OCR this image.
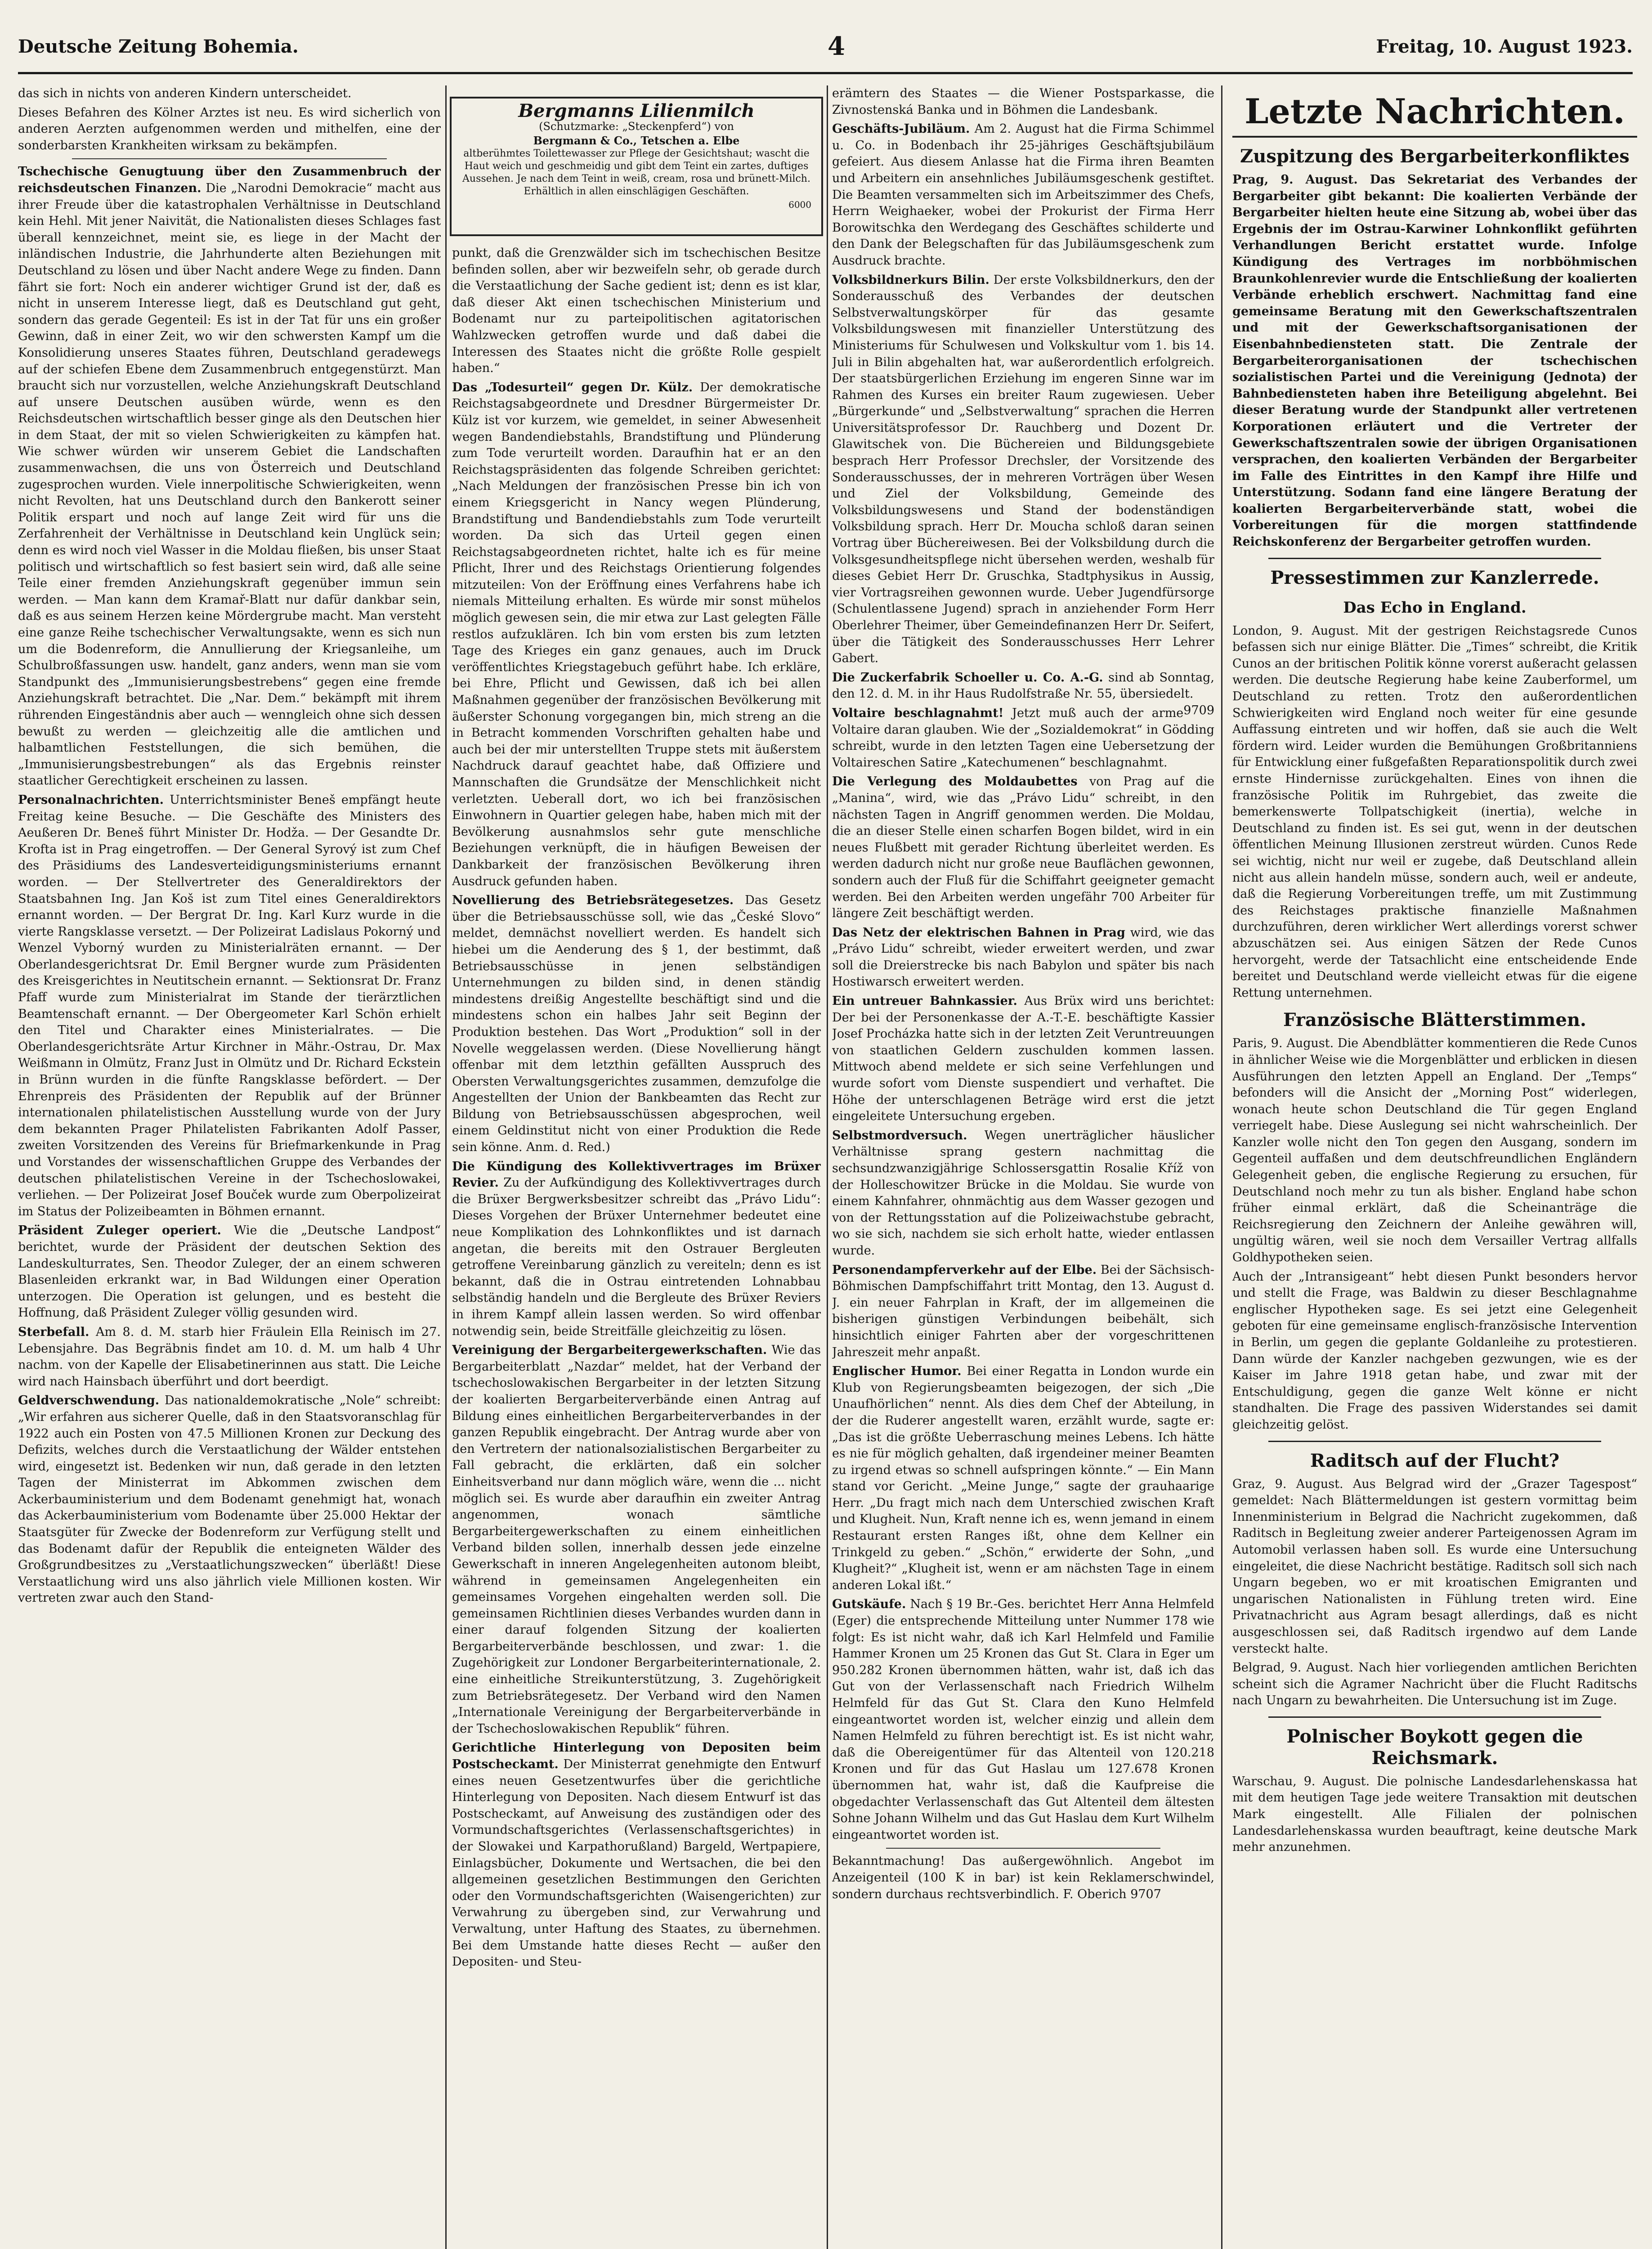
Deutsche Zeitung Bohemia.	4	Freitag, 10. August 1923.

das sich in nichts von anderen Kindern unterscheidet.

Dieses Befahren des Kölner Arztes ist neu. Es wird sicherlich von anderen Aerzten aufgenommen werden und mithelfen, eine der sonderbarsten Krankheiten wirksam zu bekämpfen.

Tschechische Genugtuung über den Zusammenbruch der reichsdeutschen Finanzen. Die „Narodni Demokracie“ macht aus ihrer Freude über die katastrophalen Verhältnisse in Deutschland kein Hehl. Mit jener Naivität, die Nationalisten dieses Schlages fast überall kennzeichnet, meint sie, es liege in der Macht der inländischen Industrie, die Jahrhunderte alten Beziehungen mit Deutschland zu lösen und über Nacht andere Wege zu finden. Dann fährt sie fort: Noch ein anderer wichtiger Grund ist der, daß es nicht in unserem Interesse liegt, daß es Deutschland gut geht, sondern das gerade Gegenteil: Es ist in der Tat für uns ein großer Gewinn, daß in einer Zeit, wo wir den schwersten Kampf um die Konsolidierung unseres Staates führen, Deutschland geradewegs auf der schiefen Ebene dem Zusammenbruch entgegenstürzt. Man braucht sich nur vorzustellen, welche Anziehungskraft Deutschland auf unsere Deutschen ausüben würde, wenn es den Reichsdeutschen wirtschaftlich besser ginge als den Deutschen hier in dem Staat, der mit so vielen Schwierigkeiten zu kämpfen hat. Wie schwer würden wir unserem Gebiet die Landschaften zusammenwachsen, die uns von Österreich und Deutschland zugesprochen wurden. Viele innerpolitische Schwierigkeiten, wenn nicht Revolten, hat uns Deutschland durch den Bankerott seiner Politik erspart und noch auf lange Zeit wird für uns die Zerfahrenheit der Verhältnisse in Deutschland kein Unglück sein; denn es wird noch viel Wasser in die Moldau fließen, bis unser Staat politisch und wirtschaftlich so fest basiert sein wird, daß alle seine Teile einer fremden Anziehungskraft gegenüber immun sein werden. — Man kann dem Kramař-Blatt nur dafür dankbar sein, daß es aus seinem Herzen keine Mördergrube macht. Man versteht eine ganze Reihe tschechischer Verwaltungsakte, wenn es sich nun um die Bodenreform, die Annullierung der Kriegsanleihe, um Schulbroßfassungen usw. handelt, ganz anders, wenn man sie vom Standpunkt des „Immunisierungsbestrebens“ gegen eine fremde Anziehungskraft betrachtet. Die „Nar. Dem.“ bekämpft mit ihrem rührenden Eingeständnis aber auch — wenngleich ohne sich dessen bewußt zu werden — gleichzeitig alle die amtlichen und halbamtlichen Feststellungen, die sich bemühen, die „Immunisierungsbestrebungen“ als das Ergebnis reinster staatlicher Gerechtigkeit erscheinen zu lassen.

Personalnachrichten. Unterrichtsminister Beneš empfängt heute Freitag keine Besuche. — Die Geschäfte des Ministers des Aeußeren Dr. Beneš führt Minister Dr. Hodža. — Der Gesandte Dr. Krofta ist in Prag eingetroffen. — Der General Syrový ist zum Chef des Präsidiums des Landesverteidigungsministeriums ernannt worden. — Der Stellvertreter des Generaldirektors der Staatsbahnen Ing. Jan Koš ist zum Titel eines Generaldirektors ernannt worden. — Der Bergrat Dr. Ing. Karl Kurz wurde in die vierte Rangsklasse versetzt. — Der Polizeirat Ladislaus Pokorný und Wenzel Vyborný wurden zu Ministerialräten ernannt. — Der Oberlandesgerichtsrat Dr. Emil Bergner wurde zum Präsidenten des Kreisgerichtes in Neutitschein ernannt. — Sektionsrat Dr. Franz Pfaff wurde zum Ministerialrat im Stande der tierärztlichen Beamtenschaft ernannt. — Der Obergeometer Karl Schön erhielt den Titel und Charakter eines Ministerialrates. — Die Oberlandesgerichtsräte Artur Kirchner in Mähr.-Ostrau, Dr. Max Weißmann in Olmütz, Franz Just in Olmütz und Dr. Richard Eckstein in Brünn wurden in die fünfte Rangsklasse befördert. — Der Ehrenpreis des Präsidenten der Republik auf der Brünner internationalen philatelistischen Ausstellung wurde von der Jury dem bekannten Prager Philatelisten Fabrikanten Adolf Passer, zweiten Vorsitzenden des Vereins für Briefmarkenkunde in Prag und Vorstandes der wissenschaftlichen Gruppe des Verbandes der deutschen philatelistischen Vereine in der Tschechoslowakei, verliehen. — Der Polizeirat Josef Bouček wurde zum Oberpolizeirat im Status der Polizeibeamten in Böhmen ernannt.

Präsident Zuleger operiert. Wie die „Deutsche Landpost“ berichtet, wurde der Präsident der deutschen Sektion des Landeskulturrates, Sen. Theodor Zuleger, der an einem schweren Blasenleiden erkrankt war, in Bad Wildungen einer Operation unterzogen. Die Operation ist gelungen, und es besteht die Hoffnung, daß Präsident Zuleger völlig gesunden wird.

Sterbefall. Am 8. d. M. starb hier Fräulein Ella Reinisch im 27. Lebensjahre. Das Begräbnis findet am 10. d. M. um halb 4 Uhr nachm. von der Kapelle der Elisabetinerinnen aus statt. Die Leiche wird nach Hainsbach überführt und dort beerdigt.

Geldverschwendung. Das nationaldemokratische „Nole“ schreibt: „Wir erfahren aus sicherer Quelle, daß in den Staatsvoranschlag für 1922 auch ein Posten von 47.5 Millionen Kronen zur Deckung des Defizits, welches durch die Verstaatlichung der Wälder entstehen wird, eingesetzt ist. Bedenken wir nun, daß gerade in den letzten Tagen der Ministerrat im Abkommen zwischen dem Ackerbauministerium und dem Bodenamt genehmigt hat, wonach das Ackerbauministerium vom Bodenamte über 25.000 Hektar der Staatsgüter für Zwecke der Bodenreform zur Verfügung stellt und das Bodenamt dafür der Republik die enteigneten Wälder des Großgrundbesitzes zu „Verstaatlichungszwecken“ überläßt! Diese Verstaatlichung wird uns also jährlich viele Millionen kosten. Wir vertreten zwar auch den Stand-

Bergmanns Lilienmilch
(Schutzmarke: „Steckenpferd“) von
Bergmann & Co., Tetschen a. Elbe
altberühmtes Toilettewasser zur Pflege der Gesichtshaut; wascht die Haut weich und geschmeidig und gibt dem Teint ein zartes, duftiges Aussehen. Je nach dem Teint in weiß, cream, rosa und brünett-Milch. Erhältlich in allen einschlägigen Geschäften.
6000

punkt, daß die Grenzwälder sich im tschechischen Besitze befinden sollen, aber wir bezweifeln sehr, ob gerade durch die Verstaatlichung der Sache gedient ist; denn es ist klar, daß dieser Akt einen tschechischen Ministerium und Bodenamt nur zu parteipolitischen agitatorischen Wahlzwecken getroffen wurde und daß dabei die Interessen des Staates nicht die größte Rolle gespielt haben.“

Das „Todesurteil“ gegen Dr. Külz. Der demokratische Reichstagsabgeordnete und Dresdner Bürgermeister Dr. Külz ist vor kurzem, wie gemeldet, in seiner Abwesenheit wegen Bandendiebstahls, Brandstiftung und Plünderung zum Tode verurteilt worden. Daraufhin hat er an den Reichstagspräsidenten das folgende Schreiben gerichtet: „Nach Meldungen der französischen Presse bin ich von einem Kriegsgericht in Nancy wegen Plünderung, Brandstiftung und Bandendiebstahls zum Tode verurteilt worden. Da sich das Urteil gegen einen Reichstagsabgeordneten richtet, halte ich es für meine Pflicht, Ihrer und des Reichstags Orientierung folgendes mitzuteilen: Von der Eröffnung eines Verfahrens habe ich niemals Mitteilung erhalten. Es würde mir sonst mühelos möglich gewesen sein, die mir etwa zur Last gelegten Fälle restlos aufzuklären. Ich bin vom ersten bis zum letzten Tage des Krieges ein ganz genaues, auch im Druck veröffentlichtes Kriegstagebuch geführt habe. Ich erkläre, bei Ehre, Pflicht und Gewissen, daß ich bei allen Maßnahmen gegenüber der französischen Bevölkerung mit äußerster Schonung vorgegangen bin, mich streng an die in Betracht kommenden Vorschriften gehalten habe und auch bei der mir unterstellten Truppe stets mit äußerstem Nachdruck darauf geachtet habe, daß Offiziere und Mannschaften die Grundsätze der Menschlichkeit nicht verletzten. Ueberall dort, wo ich bei französischen Einwohnern in Quartier gelegen habe, haben mich mit der Bevölkerung ausnahmslos sehr gute menschliche Beziehungen verknüpft, die in häufigen Beweisen der Dankbarkeit der französischen Bevölkerung ihren Ausdruck gefunden haben.

Novellierung des Betriebsrätegesetzes. Das Gesetz über die Betriebsausschüsse soll, wie das „České Slovo“ meldet, demnächst novelliert werden. Es handelt sich hiebei um die Aenderung des § 1, der bestimmt, daß Betriebsausschüsse in jenen selbständigen Unternehmungen zu bilden sind, in denen ständig mindestens dreißig Angestellte beschäftigt sind und die mindestens schon ein halbes Jahr seit Beginn der Produktion bestehen. Das Wort „Produktion“ soll in der Novelle weggelassen werden. (Diese Novellierung hängt offenbar mit dem letzthin gefällten Ausspruch des Obersten Verwaltungsgerichtes zusammen, demzufolge die Angestellten der Union der Bankbeamten das Recht zur Bildung von Betriebsausschüssen abgesprochen, weil einem Geldinstitut nicht von einer Produktion die Rede sein könne. Anm. d. Red.)

Die Kündigung des Kollektivvertrages im Brüxer Revier. Zu der Aufkündigung des Kollektivvertrages durch die Brüxer Bergwerksbesitzer schreibt das „Právo Lidu“: Dieses Vorgehen der Brüxer Unternehmer bedeutet eine neue Komplikation des Lohnkonfliktes und ist darnach angetan, die bereits mit den Ostrauer Bergleuten getroffene Vereinbarung gänzlich zu vereiteln; denn es ist bekannt, daß die in Ostrau eintretenden Lohnabbau selbständig handeln und die Bergleute des Brüxer Reviers in ihrem Kampf allein lassen werden. So wird offenbar notwendig sein, beide Streitfälle gleichzeitig zu lösen.

Vereinigung der Bergarbeitergewerkschaften. Wie das Bergarbeiterblatt „Nazdar“ meldet, hat der Verband der tschechoslowakischen Bergarbeiter in der letzten Sitzung der koalierten Bergarbeiterverbände einen Antrag auf Bildung eines einheitlichen Bergarbeiterverbandes in der ganzen Republik eingebracht. Der Antrag wurde aber von den Vertretern der nationalsozialistischen Bergarbeiter zu Fall gebracht, die erklärten, daß ein solcher Einheitsverband nur dann möglich wäre, wenn die ... nicht möglich sei. Es wurde aber daraufhin ein zweiter Antrag angenommen, wonach sämtliche Bergarbeitergewerkschaften zu einem einheitlichen Verband bilden sollen, innerhalb dessen jede einzelne Gewerkschaft in inneren Angelegenheiten autonom bleibt, während in gemeinsamen Angelegenheiten ein gemeinsames Vorgehen eingehalten werden soll. Die gemeinsamen Richtlinien dieses Verbandes wurden dann in einer darauf folgenden Sitzung der koalierten Bergarbeiterverbände beschlossen, und zwar: 1. die Zugehörigkeit zur Londoner Bergarbeiterinternationale, 2. eine einheitliche Streikunterstützung, 3. Zugehörigkeit zum Betriebsrätegesetz. Der Verband wird den Namen „Internationale Vereinigung der Bergarbeiterverbände in der Tschechoslowakischen Republik“ führen.

Gerichtliche Hinterlegung von Depositen beim Postscheckamt. Der Ministerrat genehmigte den Entwurf eines neuen Gesetzentwurfes über die gerichtliche Hinterlegung von Depositen. Nach diesem Entwurf ist das Postscheckamt, auf Anweisung des zuständigen oder des Vormundschaftsgerichtes (Verlassenschaftsgerichtes) in der Slowakei und Karpathorußland) Bargeld, Wertpapiere, Einlagsbücher, Dokumente und Wertsachen, die bei den allgemeinen gesetzlichen Bestimmungen den Gerichten oder den Vormundschaftsgerichten (Waisengerichten) zur Verwahrung zu übergeben sind, zur Verwahrung und Verwaltung, unter Haftung des Staates, zu übernehmen. Bei dem Umstande hatte dieses Recht — außer den Depositen- und Steu-

erämtern des Staates — die Wiener Postsparkasse, die Zivnostenská Banka und in Böhmen die Landesbank.

Geschäfts-Jubiläum. Am 2. August hat die Firma Schimmel u. Co. in Bodenbach ihr 25-jähriges Geschäftsjubiläum gefeiert. Aus diesem Anlasse hat die Firma ihren Beamten und Arbeitern ein ansehnliches Jubiläumsgeschenk gestiftet. Die Beamten versammelten sich im Arbeitszimmer des Chefs, Herrn Weighaeker, wobei der Prokurist der Firma Herr Borowitschka den Werdegang des Geschäftes schilderte und den Dank der Belegschaften für das Jubiläumsgeschenk zum Ausdruck brachte.

Volksbildnerkurs Bilin. Der erste Volksbildnerkurs, den der Sonderausschuß des Verbandes der deutschen Selbstverwaltungskörper für das gesamte Volksbildungswesen mit finanzieller Unterstützung des Ministeriums für Schulwesen und Volkskultur vom 1. bis 14. Juli in Bilin abgehalten hat, war außerordentlich erfolgreich. Der staatsbürgerlichen Erziehung im engeren Sinne war im Rahmen des Kurses ein breiter Raum zugewiesen. Ueber „Bürgerkunde“ und „Selbstverwaltung“ sprachen die Herren Universitätsprofessor Dr. Rauchberg und Dozent Dr. Glawitschek von. Die Büchereien und Bildungsgebiete besprach Herr Professor Drechsler, der Vorsitzende des Sonderausschusses, der in mehreren Vorträgen über Wesen und Ziel der Volksbildung, Gemeinde des Volksbildungswesens und Stand der bodenständigen Volksbildung sprach. Herr Dr. Moucha schloß daran seinen Vortrag über Büchereiwesen. Bei der Volksbildung durch die Volksgesundheitspflege nicht übersehen werden, weshalb für dieses Gebiet Herr Dr. Gruschka, Stadtphysikus in Aussig, vier Vortragsreihen gewonnen wurde. Ueber Jugendfürsorge (Schulentlassene Jugend) sprach in anziehender Form Herr Oberlehrer Theimer, über Gemeindefinanzen Herr Dr. Seifert, über die Tätigkeit des Sonderausschusses Herr Lehrer Gabert.

Die Zuckerfabrik Schoeller u. Co. A.-G. sind ab Sonntag, den 12. d. M. in ihr Haus Rudolfstraße Nr. 55, übersiedelt.
9709

Voltaire beschlagnahmt! Jetzt muß auch der arme Voltaire daran glauben. Wie der „Sozialdemokrat“ in Gödding schreibt, wurde in den letzten Tagen eine Uebersetzung der Voltaireschen Satire „Katechumenen“ beschlagnahmt.

Die Verlegung des Moldaubettes von Prag auf die „Manina“, wird, wie das „Právo Lidu“ schreibt, in den nächsten Tagen in Angriff genommen werden. Die Moldau, die an dieser Stelle einen scharfen Bogen bildet, wird in ein neues Flußbett mit gerader Richtung überleitet werden. Es werden dadurch nicht nur große neue Bauflächen gewonnen, sondern auch der Fluß für die Schiffahrt geeigneter gemacht werden. Bei den Arbeiten werden ungefähr 700 Arbeiter für längere Zeit beschäftigt werden.

Das Netz der elektrischen Bahnen in Prag wird, wie das „Právo Lidu“ schreibt, wieder erweitert werden, und zwar soll die Dreierstrecke bis nach Babylon und später bis nach Hostiwarsch erweitert werden.

Ein untreuer Bahnkassier. Aus Brüx wird uns berichtet: Der bei der Personenkasse der A.-T.-E. beschäftigte Kassier Josef Procházka hatte sich in der letzten Zeit Veruntreuungen von staatlichen Geldern zuschulden kommen lassen. Mittwoch abend meldete er sich seine Verfehlungen und wurde sofort vom Dienste suspendiert und verhaftet. Die Höhe der unterschlagenen Beträge wird erst die jetzt eingeleitete Untersuchung ergeben.

Selbstmordversuch. Wegen unerträglicher häuslicher Verhältnisse sprang gestern nachmittag die sechsundzwanzigjährige Schlossersgattin Rosalie Kříž von der Holleschowitzer Brücke in die Moldau. Sie wurde von einem Kahnfahrer, ohnmächtig aus dem Wasser gezogen und von der Rettungsstation auf die Polizeiwachstube gebracht, wo sie sich, nachdem sie sich erholt hatte, wieder entlassen wurde.

Personendampferverkehr auf der Elbe. Bei der Sächsisch-Böhmischen Dampfschiffahrt tritt Montag, den 13. August d. J. ein neuer Fahrplan in Kraft, der im allgemeinen die bisherigen günstigen Verbindungen beibehält, sich hinsichtlich einiger Fahrten aber der vorgeschrittenen Jahreszeit mehr anpaßt.

Englischer Humor. Bei einer Regatta in London wurde ein Klub von Regierungsbeamten beigezogen, der sich „Die Unaufhörlichen“ nennt. Als dies dem Chef der Abteilung, in der die Ruderer angestellt waren, erzählt wurde, sagte er: „Das ist die größte Ueberraschung meines Lebens. Ich hätte es nie für möglich gehalten, daß irgendeiner meiner Beamten zu irgend etwas so schnell aufspringen könnte.“ — Ein Mann stand vor Gericht. „Meine Junge,“ sagte der grauhaarige Herr. „Du fragt mich nach dem Unterschied zwischen Kraft und Klugheit. Nun, Kraft nenne ich es, wenn jemand in einem Restaurant ersten Ranges ißt, ohne dem Kellner ein Trinkgeld zu geben.“ „Schön,“ erwiderte der Sohn, „und Klugheit?“ „Klugheit ist, wenn er am nächsten Tage in einem anderen Lokal ißt.“

Gutskäufe. Nach § 19 Br.-Ges. berichtet Herr Anna Helmfeld (Eger) die entsprechende Mitteilung unter Nummer 178 wie folgt: Es ist nicht wahr, daß ich Karl Helmfeld und Familie Hammer Kronen um 25 Kronen das Gut St. Clara in Eger um 950.282 Kronen übernommen hätten, wahr ist, daß ich das Gut von der Verlassenschaft nach Friedrich Wilhelm Helmfeld für das Gut St. Clara den Kuno Helmfeld eingeantwortet worden ist, welcher einzig und allein dem Namen Helmfeld zu führen berechtigt ist. Es ist nicht wahr, daß die Obereigentümer für das Altenteil von 120.218 Kronen und für das Gut Haslau um 127.678 Kronen übernommen hat, wahr ist, daß die Kaufpreise die obgedachter Verlassenschaft das Gut Altenteil dem ältesten Sohne Johann Wilhelm und das Gut Haslau dem Kurt Wilhelm eingeantwortet worden ist.

Bekanntmachung! Das außergewöhnlich. Angebot im Anzeigenteil (100 K in bar) ist kein Reklamerschwindel, sondern durchaus rechtsverbindlich. F. Oberich 9707

Letzte Nachrichten.
Zuspitzung des Bergarbeiterkonfliktes

Prag, 9. August. Das Sekretariat des Verbandes der Bergarbeiter gibt bekannt: Die koalierten Verbände der Bergarbeiter hielten heute eine Sitzung ab, wobei über das Ergebnis der im Ostrau-Karwiner Lohnkonflikt geführten Verhandlungen Bericht erstattet wurde. Infolge Kündigung des Vertrages im norbböhmischen Braunkohlenrevier wurde die Entschließung der koalierten Verbände erheblich erschwert. Nachmittag fand eine gemeinsame Beratung mit den Gewerkschaftszentralen und mit der Gewerkschaftsorganisationen der Eisenbahnbediensteten statt. Die Zentrale der Bergarbeiterorganisationen der tschechischen sozialistischen Partei und die Vereinigung (Jednota) der Bahnbediensteten haben ihre Beteiligung abgelehnt. Bei dieser Beratung wurde der Standpunkt aller vertretenen Korporationen erläutert und die Vertreter der Gewerkschaftszentralen sowie der übrigen Organisationen versprachen, den koalierten Verbänden der Bergarbeiter im Falle des Eintrittes in den Kampf ihre Hilfe und Unterstützung. Sodann fand eine längere Beratung der koalierten Bergarbeiterverbände statt, wobei die Vorbereitungen für die morgen stattfindende Reichskonferenz der Bergarbeiter getroffen wurden.

Pressestimmen zur Kanzlerrede.
Das Echo in England.

London, 9. August. Mit der gestrigen Reichstagsrede Cunos befassen sich nur einige Blätter. Die „Times“ schreibt, die Kritik Cunos an der britischen Politik könne vorerst außeracht gelassen werden. Die deutsche Regierung habe keine Zauberformel, um Deutschland zu retten. Trotz den außerordentlichen Schwierigkeiten wird England noch weiter für eine gesunde Auffassung eintreten und wir hoffen, daß sie auch die Welt fördern wird. Leider wurden die Bemühungen Großbritanniens für Entwicklung einer fußgefaßten Reparationspolitik durch zwei ernste Hindernisse zurückgehalten. Eines von ihnen die französische Politik im Ruhrgebiet, das zweite die bemerkenswerte Tollpatschigkeit (inertia), welche in Deutschland zu finden ist. Es sei gut, wenn in der deutschen öffentlichen Meinung Illusionen zerstreut würden. Cunos Rede sei wichtig, nicht nur weil er zugebe, daß Deutschland allein nicht aus allein handeln müsse, sondern auch, weil er andeute, daß die Regierung Vorbereitungen treffe, um mit Zustimmung des Reichstages praktische finanzielle Maßnahmen durchzuführen, deren wirklicher Wert allerdings vorerst schwer abzuschätzen sei. Aus einigen Sätzen der Rede Cunos hervorgeht, werde der Tatsachlicht eine entscheidende Ende bereitet und Deutschland werde vielleicht etwas für die eigene Rettung unternehmen.

Französische Blätterstimmen.

Paris, 9. August. Die Abendblätter kommentieren die Rede Cunos in ähnlicher Weise wie die Morgenblätter und erblicken in diesen Ausführungen den letzten Appell an England. Der „Temps“ befonders will die Ansicht der „Morning Post“ widerlegen, wonach heute schon Deutschland die Tür gegen England verriegelt habe. Diese Auslegung sei nicht wahrscheinlich. Der Kanzler wolle nicht den Ton gegen den Ausgang, sondern im Gegenteil auffaßen und dem deutschfreundlichen Engländern Gelegenheit geben, die englische Regierung zu ersuchen, für Deutschland noch mehr zu tun als bisher. England habe schon früher einmal erklärt, daß die Scheinanträge die Reichsregierung den Zeichnern der Anleihe gewähren will, ungültig wären, weil sie noch dem Versailler Vertrag allfalls Goldhypotheken seien.

Auch der „Intransigeant“ hebt diesen Punkt besonders hervor und stellt die Frage, was Baldwin zu dieser Beschlagnahme englischer Hypotheken sage. Es sei jetzt eine Gelegenheit geboten für eine gemeinsame englisch-französische Intervention in Berlin, um gegen die geplante Goldanleihe zu protestieren. Dann würde der Kanzler nachgeben gezwungen, wie es der Kaiser im Jahre 1918 getan habe, und zwar mit der Entschuldigung, gegen die ganze Welt könne er nicht standhalten. Die Frage des passiven Widerstandes sei damit gleichzeitig gelöst.

Raditsch auf der Flucht?

Graz, 9. August. Aus Belgrad wird der „Grazer Tagespost“ gemeldet: Nach Blättermeldungen ist gestern vormittag beim Innenministerium in Belgrad die Nachricht zugekommen, daß Raditsch in Begleitung zweier anderer Parteigenossen Agram im Automobil verlassen haben soll. Es wurde eine Untersuchung eingeleitet, die diese Nachricht bestätige. Raditsch soll sich nach Ungarn begeben, wo er mit kroatischen Emigranten und ungarischen Nationalisten in Fühlung treten wird. Eine Privatnachricht aus Agram besagt allerdings, daß es nicht ausgeschlossen sei, daß Raditsch irgendwo auf dem Lande versteckt halte.

Belgrad, 9. August. Nach hier vorliegenden amtlichen Berichten scheint sich die Agramer Nachricht über die Flucht Raditschs nach Ungarn zu bewahrheiten. Die Untersuchung ist im Zuge.

Polnischer Boykott gegen die Reichsmark.

Warschau, 9. August. Die polnische Landesdarlehenskassa hat mit dem heutigen Tage jede weitere Transaktion mit deutschen Mark eingestellt. Alle Filialen der polnischen Landesdarlehenskassa wurden beauftragt, keine deutsche Mark mehr anzunehmen.
